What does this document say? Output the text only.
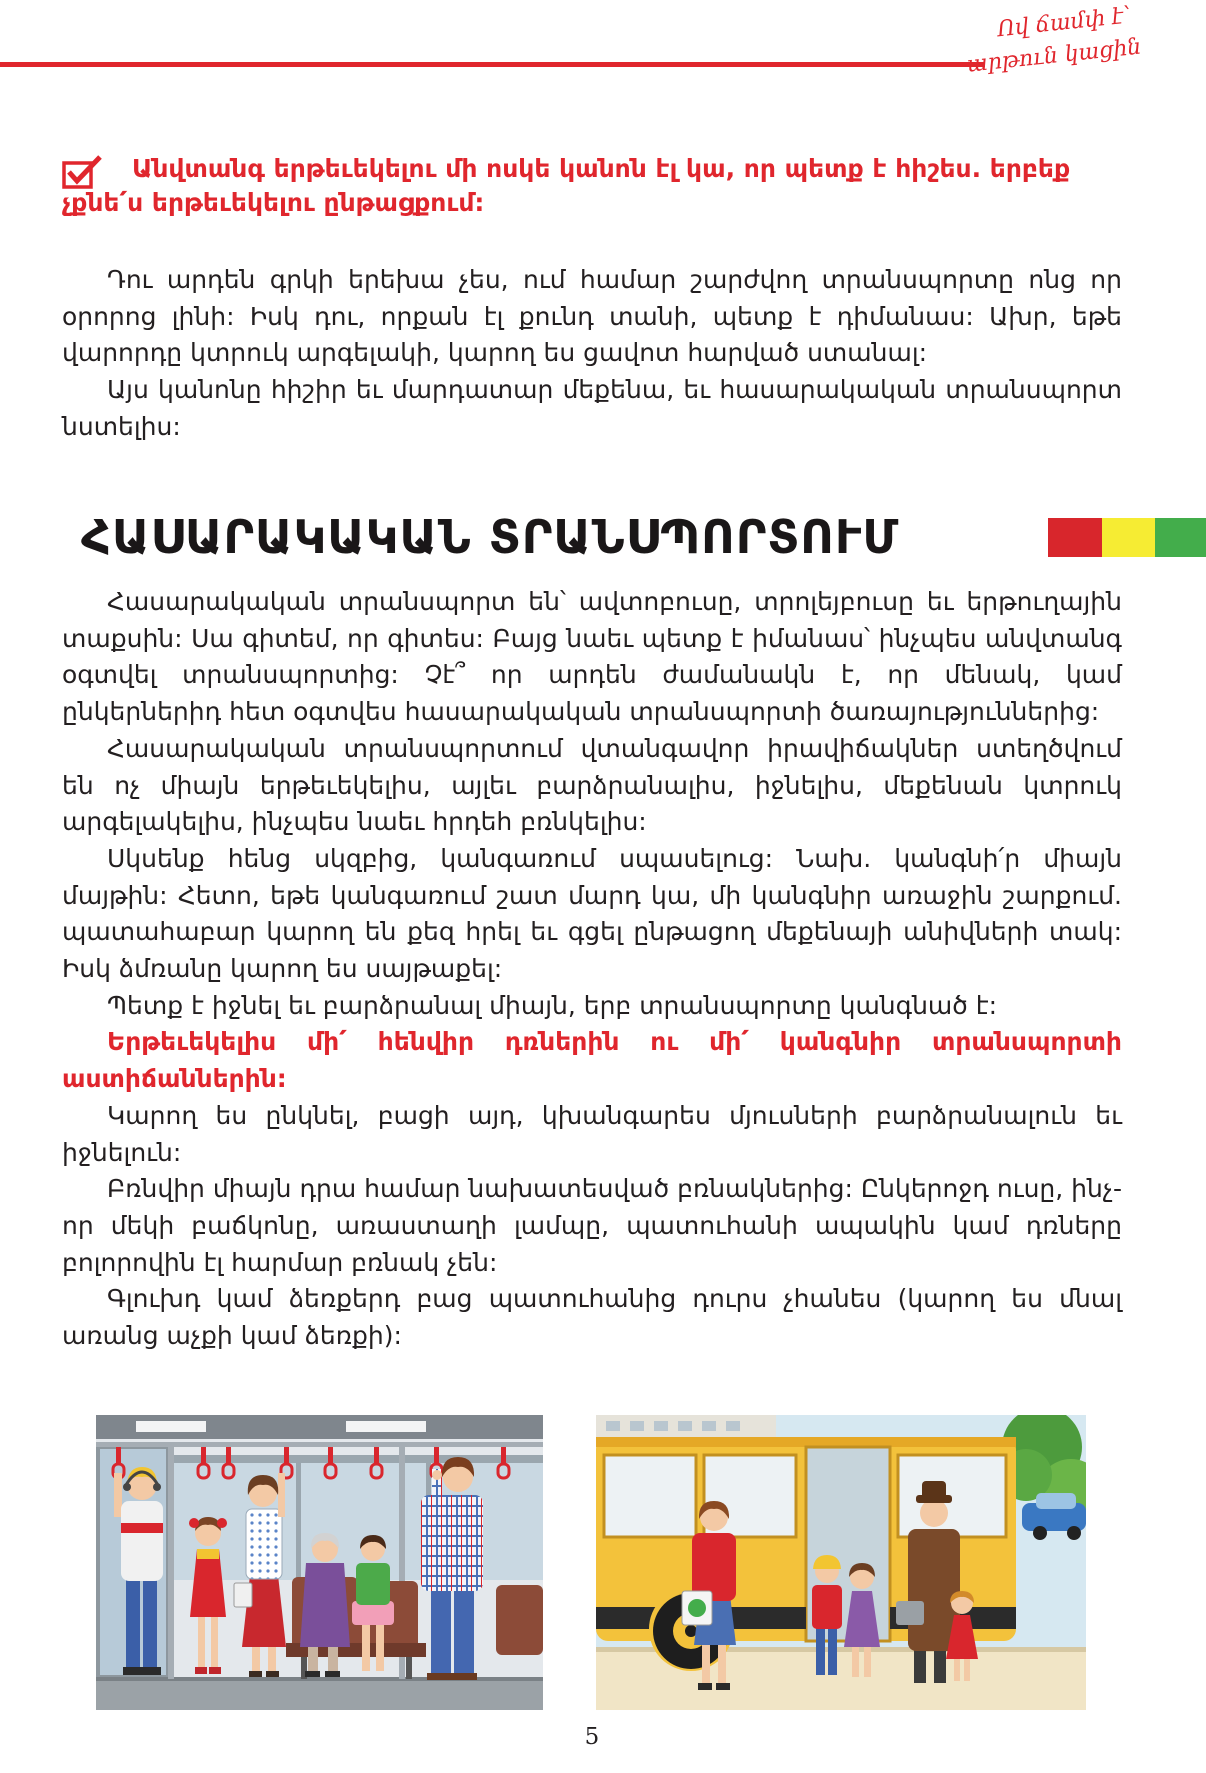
Ով ճամփ է՝
արթուն կացին

Անվտանգ երթեւեկելու մի ոսկե կանոն էլ կա, որ պետք է հիշես. երբեք չքնե՛ս երթեւեկելու ընթացքում:

Դու արդեն գրկի երեխա չես, ում համար շարժվող տրանսպորտը ոնց որ օրորոց լինի: Իսկ դու, որքան էլ քունդ տանի, պետք է դիմանաս: Ախր, եթե վարորդը կտրուկ արգելակի, կարող ես ցավոտ հարված ստանալ:

Այս կանոնը հիշիր եւ մարդատար մեքենա, եւ հասարակական տրանսպորտ նստելիս:

ՀԱՍԱՐԱԿԱԿԱՆ ՏՐԱՆՍՊՈՐՏՈՒՄ

Հասարակական տրանսպորտ են՝ ավտոբուսը, տրոլեյբուսը եւ երթուղային տաքսին: Սա գիտեմ, որ գիտես: Բայց նաեւ պետք է իմանաս՝ ինչպես անվտանգ օգտվել տրանսպորտից: Չէ՞ որ արդեն ժամանակն է, որ մենակ, կամ ընկերներիդ հետ օգտվես հասարակական տրանսպորտի ծառայություններից:

Հասարակական տրանսպորտում վտանգավոր իրավիճակներ ստեղծվում են ոչ միայն երթեւեկելիս, այլեւ բարձրանալիս, իջնելիս, մեքենան կտրուկ արգելակելիս, ինչպես նաեւ հրդեհ բռնկելիս:

Սկսենք հենց սկզբից, կանգառում սպասելուց: Նախ. կանգնի՛ր միայն մայթին: Հետո, եթե կանգառում շատ մարդ կա, մի կանգնիր առաջին շարքում. պատահաբար կարող են քեզ հրել եւ գցել ընթացող մեքենայի անիվների տակ: Իսկ ձմռանը կարող ես սայթաքել:

Պետք է իջնել եւ բարձրանալ միայն, երբ տրանսպորտը կանգնած է:

Երթեւեկելիս մի՛ հենվիր դռներին ու մի՛ կանգնիր տրանսպորտի աստիճաններին:

Կարող ես ընկնել, բացի այդ, կխանգարես մյուսների բարձրանալուն եւ իջնելուն:

Բռնվիր միայն դրա համար նախատեսված բռնակներից: Ընկերոջդ ուսը, ինչ-որ մեկի բաճկոնը, առաստաղի լամպը, պատուհանի ապակին կամ դռները բոլորովին էլ հարմար բռնակ չեն:

Գլուխդ կամ ձեռքերդ բաց պատուհանից դուրս չհանես (կարող ես մնալ առանց աչքի կամ ձեռքի):

5
